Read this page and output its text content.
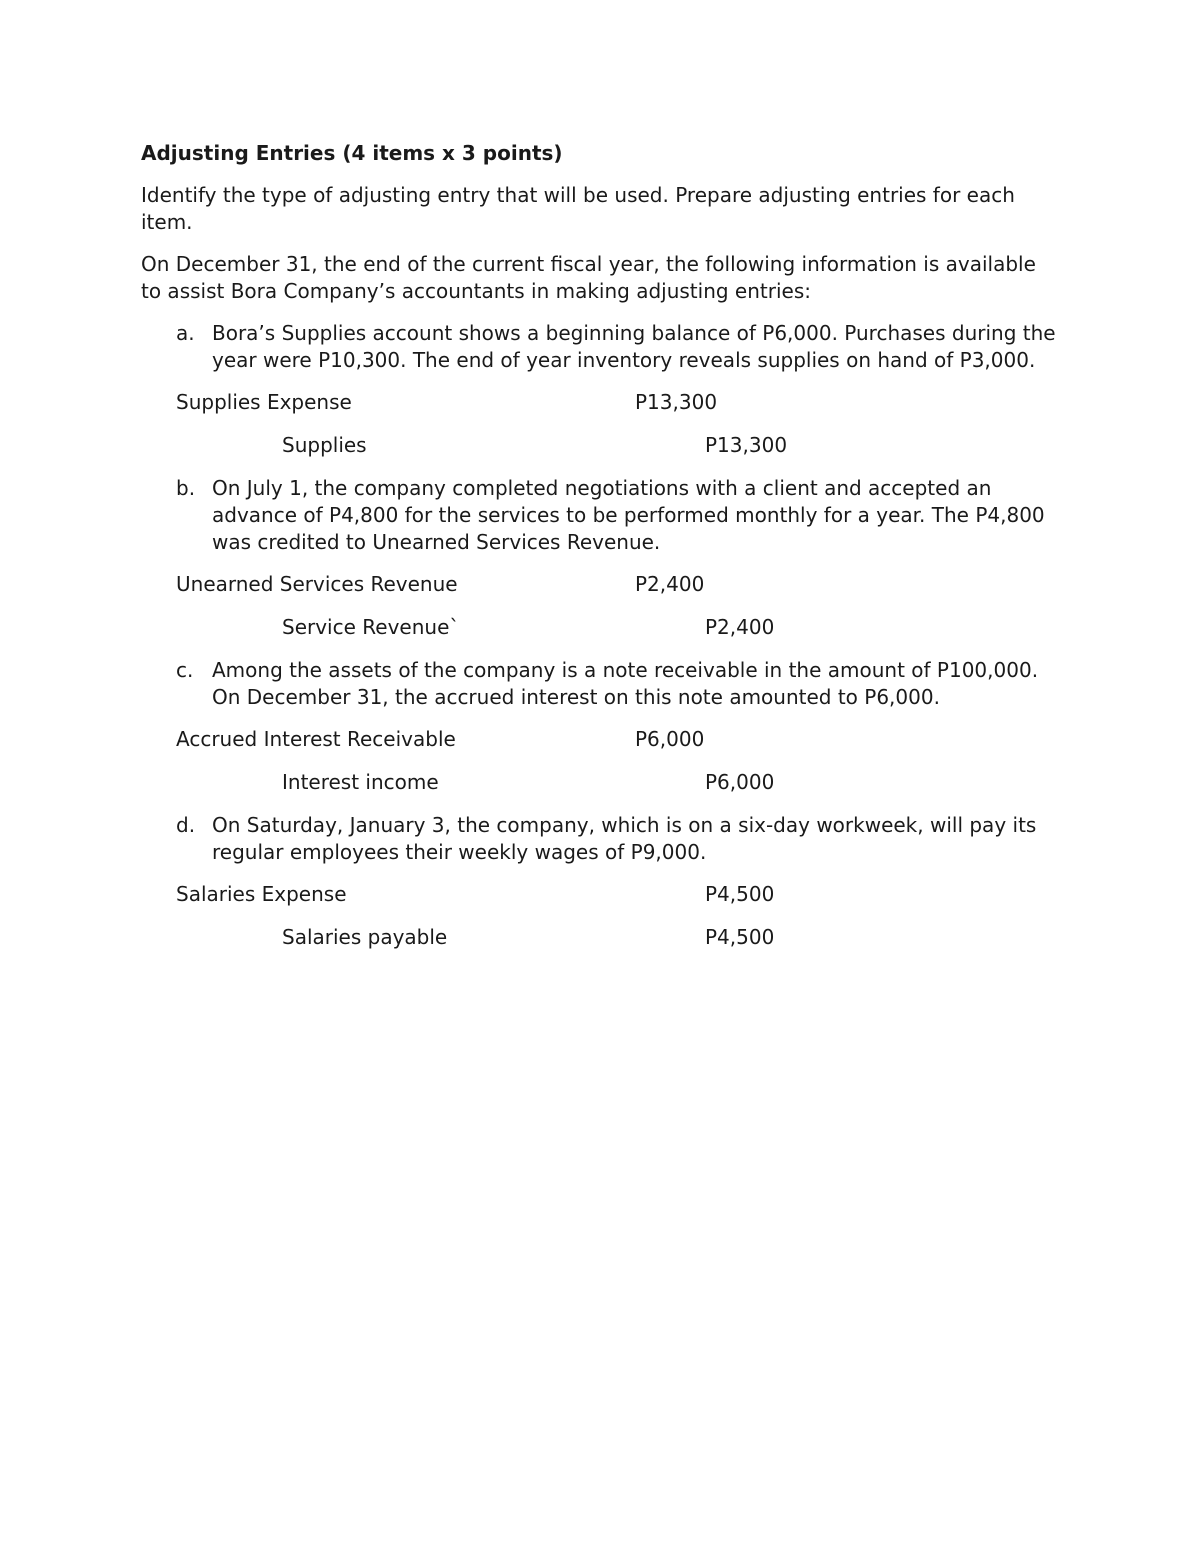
Adjusting Entries (4 items x 3 points)
Identify the type of adjusting entry that will be used. Prepare adjusting entries for each item.
On December 31, the end of the current fiscal year, the following information is available to assist Bora Company’s accountants in making adjusting entries:
a. Bora’s Supplies account shows a beginning balance of P6,000. Purchases during the year were P10,300. The end of year inventory reveals supplies on hand of P3,000.
Supplies Expense	P13,300
Supplies	P13,300
b. On July 1, the company completed negotiations with a client and accepted an advance of P4,800 for the services to be performed monthly for a year. The P4,800 was credited to Unearned Services Revenue.
Unearned Services Revenue	P2,400
Service Revenue`	P2,400
c. Among the assets of the company is a note receivable in the amount of P100,000. On December 31, the accrued interest on this note amounted to P6,000.
Accrued Interest Receivable	P6,000
Interest income	P6,000
d. On Saturday, January 3, the company, which is on a six-day workweek, will pay its regular employees their weekly wages of P9,000.
Salaries Expense	P4,500
Salaries payable	P4,500
